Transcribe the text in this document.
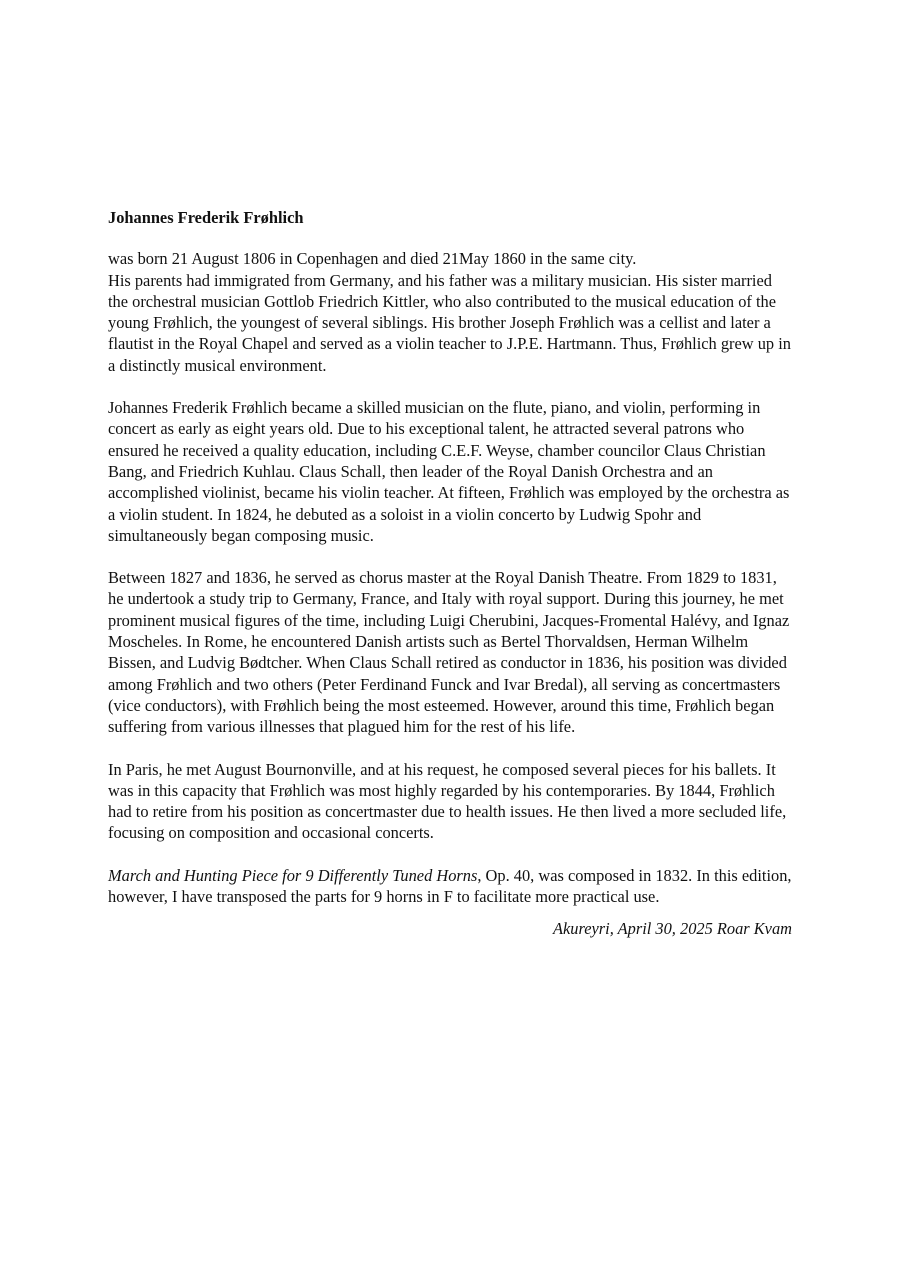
Johannes Frederik Frøhlich

was born 21 August 1806 in Copenhagen and died 21May 1860 in the same city.
His parents had immigrated from Germany, and his father was a military musician. His sister married the orchestral musician Gottlob Friedrich Kittler, who also contributed to the musical education of the young Frøhlich, the youngest of several siblings. His brother Joseph Frøhlich was a cellist and later a flautist in the Royal Chapel and served as a violin teacher to J.P.E. Hartmann. Thus, Frøhlich grew up in a distinctly musical environment.

Johannes Frederik Frøhlich became a skilled musician on the flute, piano, and violin, performing in concert as early as eight years old. Due to his exceptional talent, he attracted several patrons who ensured he received a quality education, including C.E.F. Weyse, chamber councilor Claus Christian Bang, and Friedrich Kuhlau. Claus Schall, then leader of the Royal Danish Orchestra and an accomplished violinist, became his violin teacher. At fifteen, Frøhlich was employed by the orchestra as a violin student. In 1824, he debuted as a soloist in a violin concerto by Ludwig Spohr and simultaneously began composing music.

Between 1827 and 1836, he served as chorus master at the Royal Danish Theatre. From 1829 to 1831, he undertook a study trip to Germany, France, and Italy with royal support. During this journey, he met prominent musical figures of the time, including Luigi Cherubini, Jacques-Fromental Halévy, and Ignaz Moscheles. In Rome, he encountered Danish artists such as Bertel Thorvaldsen, Herman Wilhelm Bissen, and Ludvig Bødtcher. When Claus Schall retired as conductor in 1836, his position was divided among Frøhlich and two others (Peter Ferdinand Funck and Ivar Bredal), all serving as concertmasters (vice conductors), with Frøhlich being the most esteemed. However, around this time, Frøhlich began suffering from various illnesses that plagued him for the rest of his life.

In Paris, he met August Bournonville, and at his request, he composed several pieces for his ballets. It was in this capacity that Frøhlich was most highly regarded by his contemporaries. By 1844, Frøhlich had to retire from his position as concertmaster due to health issues. He then lived a more secluded life, focusing on composition and occasional concerts.

March and Hunting Piece for 9 Differently Tuned Horns, Op. 40, was composed in 1832. In this edition, however, I have transposed the parts for 9 horns in F to facilitate more practical use.

Akureyri, April 30, 2025 Roar Kvam
